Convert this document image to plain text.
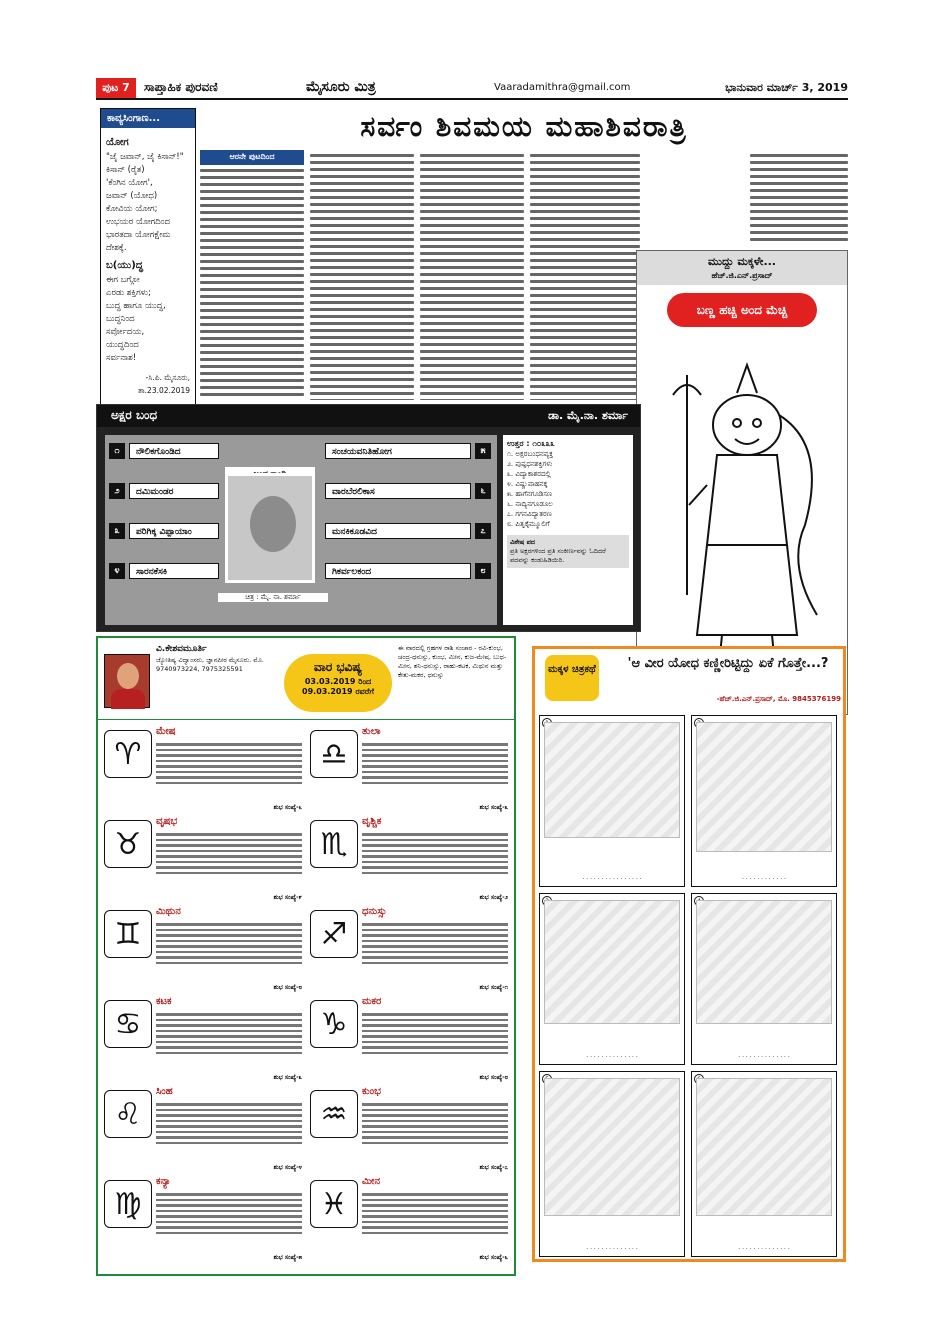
ಪುಟ 7	ಸಾಪ್ತಾಹಿಕ ಪುರವಣಿ	ಮೈಸೂರು ಮಿತ್ರ	Vaaradamithra@gmail.com	ಭಾನುವಾರ ಮಾರ್ಚ್ 3, 2019
ಕಾವ್ಯಸಿಂಗಾಣ...
ಯೋಗ
"ಜೈ ಜವಾನ್, ಜೈ ಕಿಸಾನ್!"
ಕಿಸಾನ್ (ರೈತ)
'ಕೆಂಗಿನ ಯೋಗ',
ಜವಾನ್ (ಯೋಧ)
ಕೋವಿಯ ಯೋಗ;
ಉಭಯರ ಯೋಗದಿಂದ
ಭಾರತದಾ ಯೋಗಕ್ಷೇಮ
ದೇಶಕ್ಕೆ.
ಬ(ಯು)ದ್ಧ
ಈಗ ಬಗ್ಗೋ
ಎರಡು ಶಕ್ತಿಗಳು;
ಬುದ್ಧ ಹಾಗೂ ಯುದ್ಧ,
ಬುದ್ಧನಿಂದ
ಸರ್ವೋದಯ,
ಯುದ್ಧದಿಂದ
ಸರ್ವನಾಶ!
-ಸಿ.ಪಿ. ಮೈಸೂರು, ತಾ.23.02.2019
ಸರ್ವಂ ಶಿವಮಯ ಮಹಾಶಿವರಾತ್ರಿ
ಆರನೇ ಪುಟದಿಂದ
ಮುದ್ದು ಮಕ್ಕಳೇ...
ಹೆಚ್.ಜಿ.ಎನ್.ಪ್ರಸಾದ್
ಬಣ್ಣ ಹಚ್ಚಿ ಅಂದ ಮೆಚ್ಚಿ
ಅಕ್ಷರ ಬಂಧ	ಡಾ. ಮೈ.ನಾ. ಶರ್ಮಾ
೧	ನೌಲಿಕಗೊಂಡಿದ
೨	ದಮಿಮಂಡರ
೩	ಪರಿಗಿಕ್ಕ ವಿಪ್ಪಾಯಾಂ
೪	ಸಾರನಕೆಸಕಿ
ಸಂಚಯವನಿತಿಹೋಗ	೫
ವಾರಬೆರಲಿಕಾಸ	೬
ಮನಕಿಕೂಡವಿದ	೭
ಗಿಕರ್ವಲಕಂದ	೮
ಚಿತ್ರ : ಮೈ. ನಾ. ಶರ್ಮಾ
ಉತ್ತರ : ೧೦೩೩೩
೧. ಅಕ್ಷರಬಂಧನವ್ಯಕ್ತ
೨. ಪುಷ್ಪಧನಶಕ್ತಿಗಳು
೩. ವಿದ್ಯಾಕಾಶರದಲ್ಲಿ
೪. ವಿಷ್ಣುವಾಹನಕ್ಕ
೫. ಹಾಗೆನಗೂಡಿಸಣ
೬. ನಾದ್ಯಿನಗೂಡೂಲ
೭. ಗಗನವಿದ್ಯಾತರಣ
೮. ಪಿತೃಕೈಮ್ಮೂಲಿಗೆ
ವಿಶೇಷ ಪದ
ಪ್ರತಿ ಅಕ್ಷರಗಳಿಂದ ಪ್ರತಿ ಸಂಕೀರ್ಣವನ್ನು ಓದಿದರೆ ಪದವನ್ನು ಕಂಡುಹಿಡಿಯಿರಿ.
ವಿ.ಕೇಶವಮೂರ್ತಿ
ಜ್ಯೋತಿಷ್ಯ ವಿದ್ವಾಂಸರು, ಜ್ಞಾನಪೀಠ ಮೈಸೂರು. ಮೊ. 9740973224, 7975325591	ವಾರ ಭವಿಷ್ಯ
03.03.2019 ರಿಂದ 09.03.2019 ರವರೆಗೆ
ಈ ವಾರದಲ್ಲಿ ಗ್ರಹಗಳ ರಾಶಿ ಸಂಚಾರ - ರವಿ-ಕುಂಭ, ಚಂದ್ರ-ಧನುಸ್ಸು, ಕುಂಭ, ಮೀನ, ಕುಜ-ಮೇಷ, ಬುಧ-ಮೀನ, ಶನಿ-ಧನುಸ್ಸು, ರಾಹು-ಕಟಕ, ಮಿಥುನ ಮತ್ತು ಕೇತು-ಮಕರ, ಧನುಸ್ಸು
♈
ಮೇಷ
ಶುಭ ಸಂಖ್ಯೆ-೬
♉
ವೃಷಭ
ಶುಭ ಸಂಖ್ಯೆ-೯
♊
ಮಿಥುನ
ಶುಭ ಸಂಖ್ಯೆ-೮
♋
ಕಟಕ
ಶುಭ ಸಂಖ್ಯೆ-೩
♌
ಸಿಂಹ
ಶುಭ ಸಂಖ್ಯೆ-೪
♍
ಕನ್ಯಾ
ಶುಭ ಸಂಖ್ಯೆ-೫
♎
ತುಲಾ
ಶುಭ ಸಂಖ್ಯೆ-೩
♏
ವೃಶ್ಚಿಕ
ಶುಭ ಸಂಖ್ಯೆ-೨
♐
ಧನುಸ್ಸು
ಶುಭ ಸಂಖ್ಯೆ-೧
♑
ಮಕರ
ಶುಭ ಸಂಖ್ಯೆ-೮
♒
ಕುಂಭ
ಶುಭ ಸಂಖ್ಯೆ-೭
♓
ಮೀನ
ಶುಭ ಸಂಖ್ಯೆ-೬
ಮಕ್ಕಳ ಚಿತ್ರಕಥೆ	'ಆ ವೀರ ಯೋಧ ಕಣ್ಣೀರಿಟ್ಟಿದ್ದು ಏಕೆ ಗೊತ್ತೇ...?
-ಹೆಚ್.ಜಿ.ಎನ್.ಪ್ರಸಾದ್, ಮೊ. 9845376199
. . . . . . . . . . . . . . . .	. . . . . . . . . . . .
. . . . . . . . . . . . . .	. . . . . . . . . . . . . .
. . . . . . . . . . . . . .	. . . . . . . . . . . . . .
